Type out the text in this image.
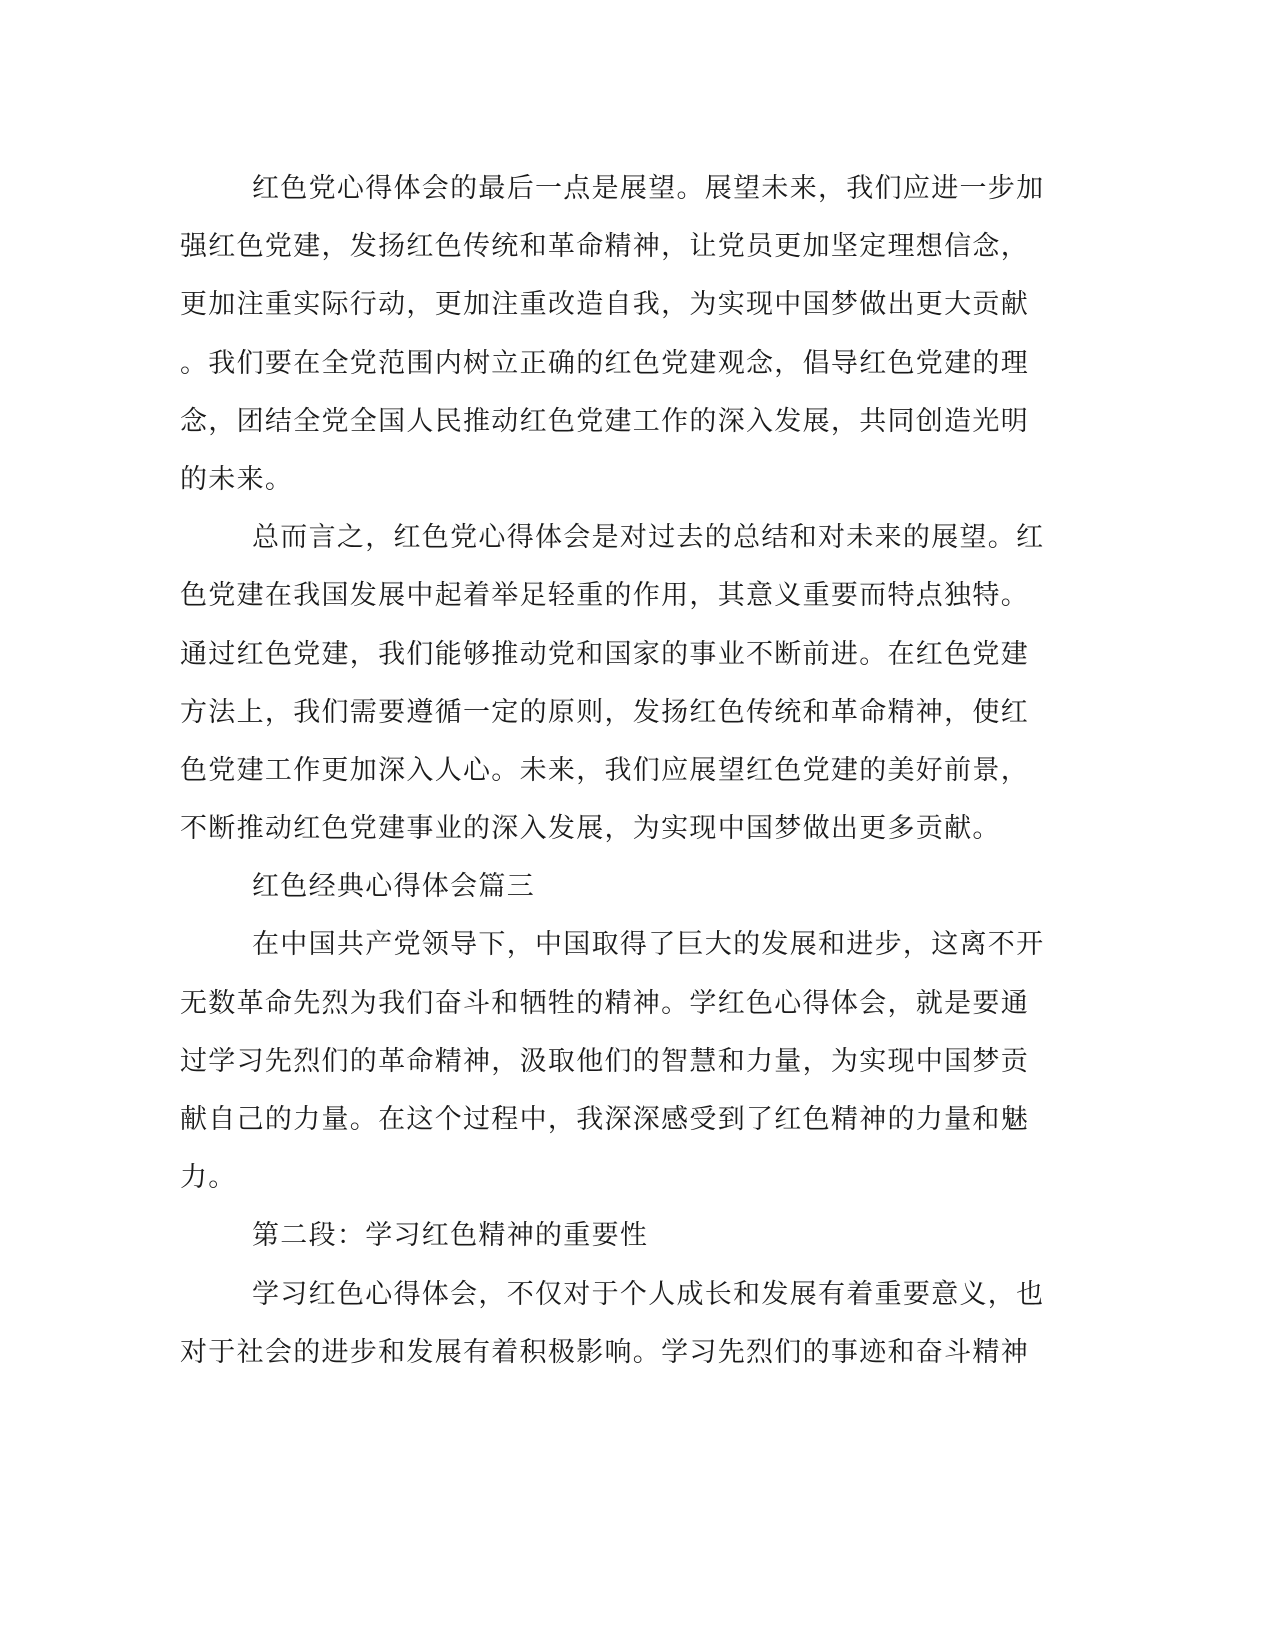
红色党心得体会的最后一点是展望。展望未来，我们应进一步加
强红色党建，发扬红色传统和革命精神，让党员更加坚定理想信念，
更加注重实际行动，更加注重改造自我，为实现中国梦做出更大贡献
。我们要在全党范围内树立正确的红色党建观念，倡导红色党建的理
念，团结全党全国人民推动红色党建工作的深入发展，共同创造光明
的未来。
总而言之，红色党心得体会是对过去的总结和对未来的展望。红
色党建在我国发展中起着举足轻重的作用，其意义重要而特点独特。
通过红色党建，我们能够推动党和国家的事业不断前进。在红色党建
方法上，我们需要遵循一定的原则，发扬红色传统和革命精神，使红
色党建工作更加深入人心。未来，我们应展望红色党建的美好前景，
不断推动红色党建事业的深入发展，为实现中国梦做出更多贡献。
红色经典心得体会篇三
在中国共产党领导下，中国取得了巨大的发展和进步，这离不开
无数革命先烈为我们奋斗和牺牲的精神。学红色心得体会，就是要通
过学习先烈们的革命精神，汲取他们的智慧和力量，为实现中国梦贡
献自己的力量。在这个过程中，我深深感受到了红色精神的力量和魅
力。
第二段：学习红色精神的重要性
学习红色心得体会，不仅对于个人成长和发展有着重要意义，也
对于社会的进步和发展有着积极影响。学习先烈们的事迹和奋斗精神
